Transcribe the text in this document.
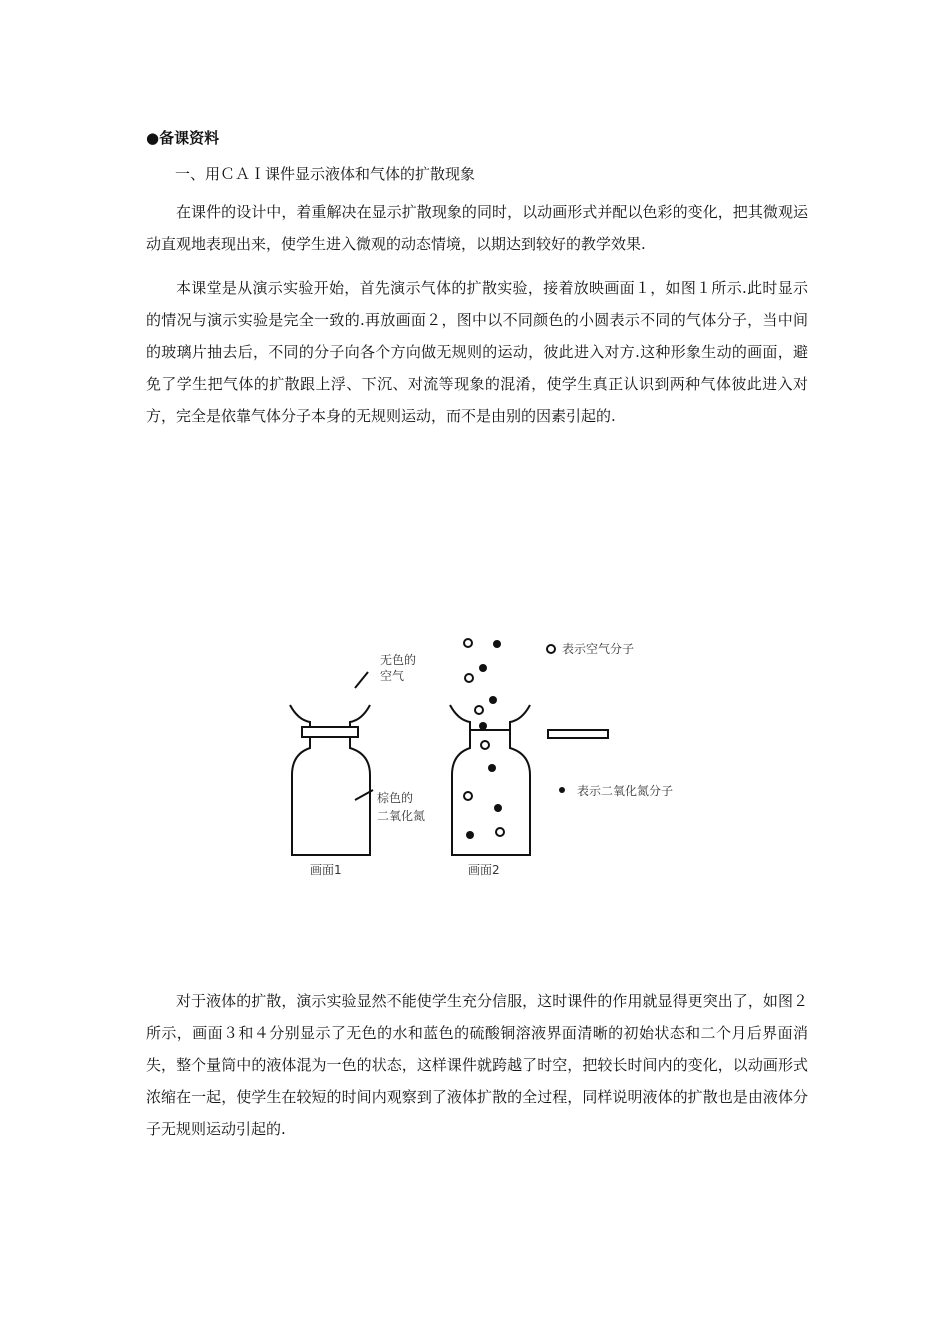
●备课资料
一、用ＣＡＩ课件显示液体和气体的扩散现象

在课件的设计中，着重解决在显示扩散现象的同时，以动画形式并配以色彩的变化，把其微观运动直观地表现出来，使学生进入微观的动态情境，以期达到较好的教学效果.

本课堂是从演示实验开始，首先演示气体的扩散实验，接着放映画面１，如图１所示.此时显示的情况与演示实验是完全一致的.再放画面２，图中以不同颜色的小圆表示不同的气体分子，当中间的玻璃片抽去后，不同的分子向各个方向做无规则的运动，彼此进入对方.这种形象生动的画面，避免了学生把气体的扩散跟上浮、下沉、对流等现象的混淆，使学生真正认识到两种气体彼此进入对方，完全是依靠气体分子本身的无规则运动，而不是由别的因素引起的.

无色的
空气
棕色的
二氧化氮
画面1	画面2
表示空气分子
表示二氧化氮分子

对于液体的扩散，演示实验显然不能使学生充分信服，这时课件的作用就显得更突出了，如图２所示，画面３和４分别显示了无色的水和蓝色的硫酸铜溶液界面清晰的初始状态和二个月后界面消失，整个量筒中的液体混为一色的状态，这样课件就跨越了时空，把较长时间内的变化，以动画形式浓缩在一起，使学生在较短的时间内观察到了液体扩散的全过程，同样说明液体的扩散也是由液体分子无规则运动引起的.
